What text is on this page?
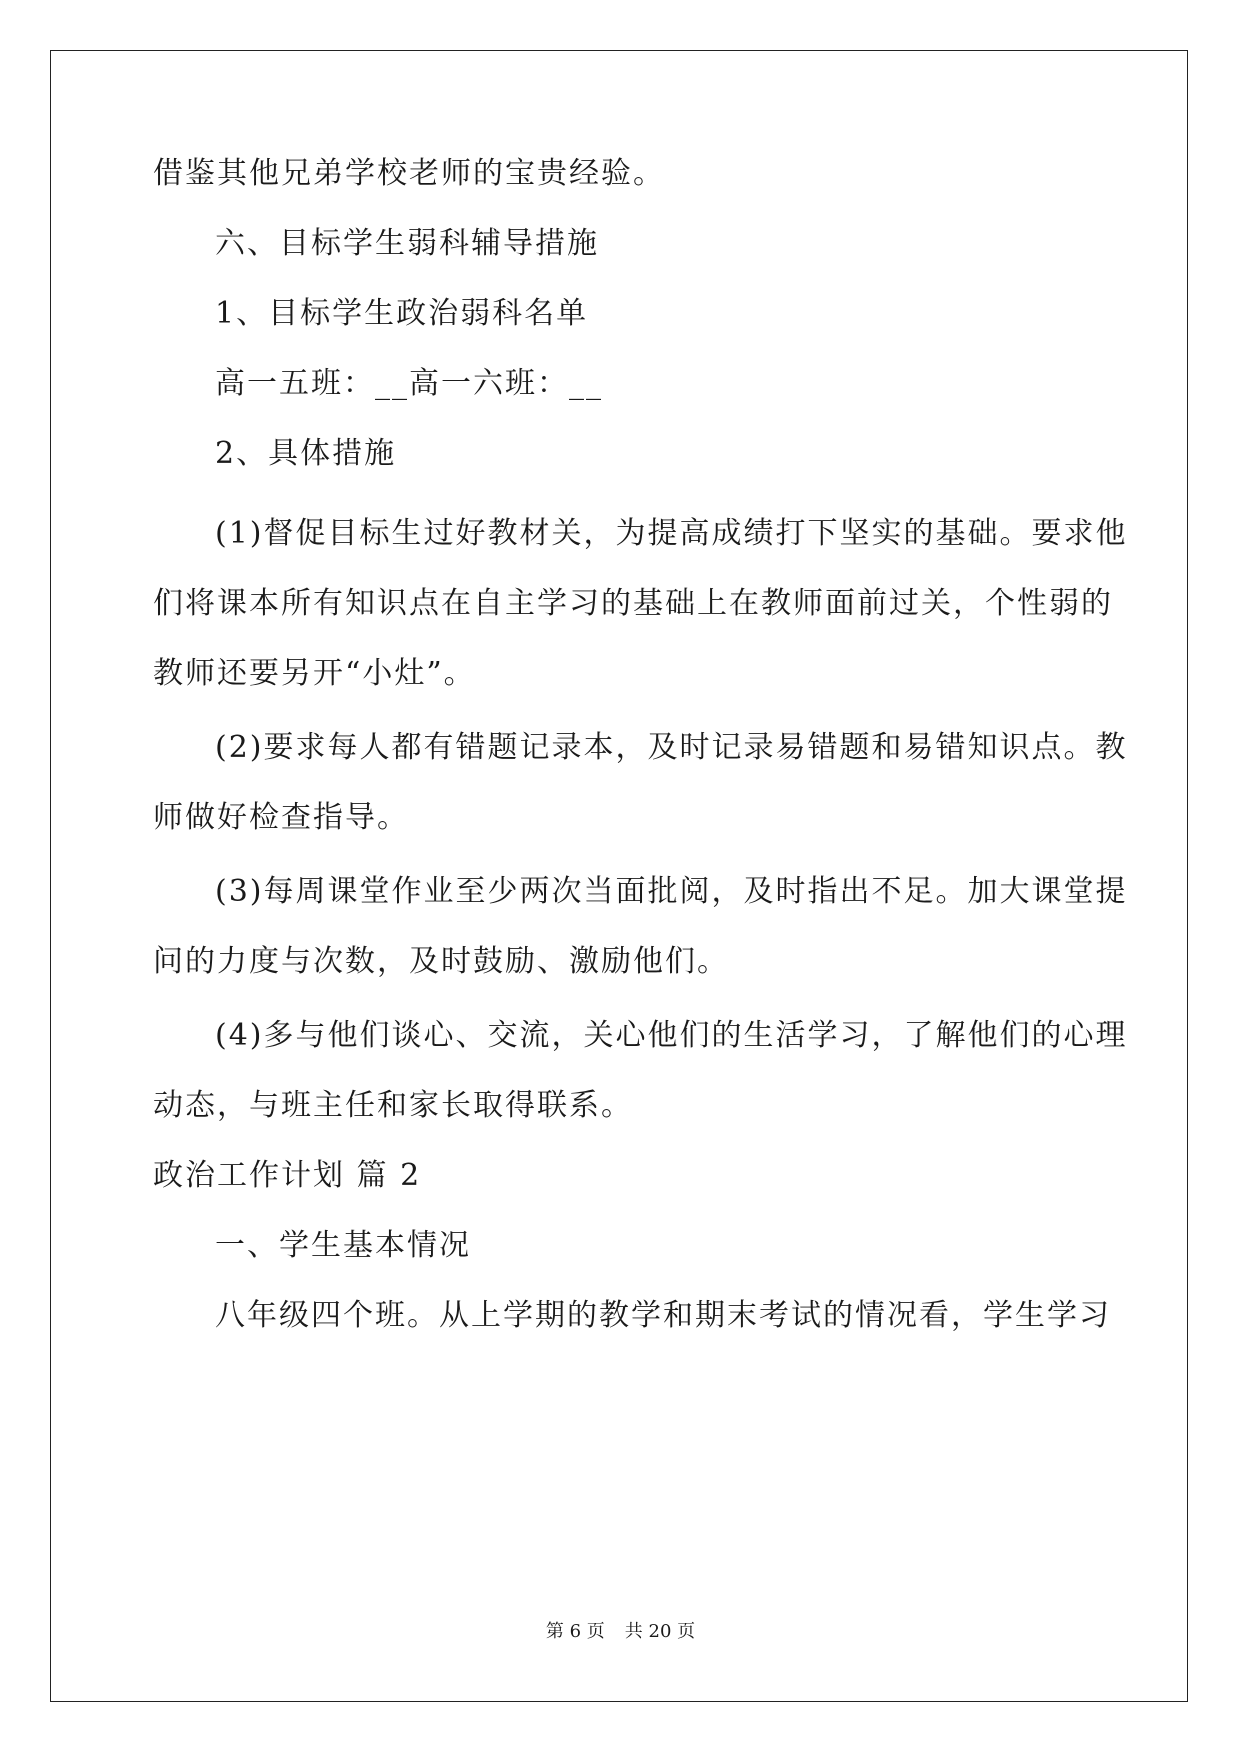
借鉴其他兄弟学校老师的宝贵经验。
六、目标学生弱科辅导措施
1、目标学生政治弱科名单
高一五班：__高一六班：__
2、具体措施
(1)督促目标生过好教材关，为提高成绩打下坚实的基础。要求他
们将课本所有知识点在自主学习的基础上在教师面前过关，个性弱的
教师还要另开“小灶”。
(2)要求每人都有错题记录本，及时记录易错题和易错知识点。教
师做好检查指导。
(3)每周课堂作业至少两次当面批阅，及时指出不足。加大课堂提
问的力度与次数，及时鼓励、激励他们。
(4)多与他们谈心、交流，关心他们的生活学习，了解他们的心理
动态，与班主任和家长取得联系。
政治工作计划 篇 2
一、学生基本情况
八年级四个班。从上学期的教学和期末考试的情况看，学生学习
第 6 页 共 20 页
